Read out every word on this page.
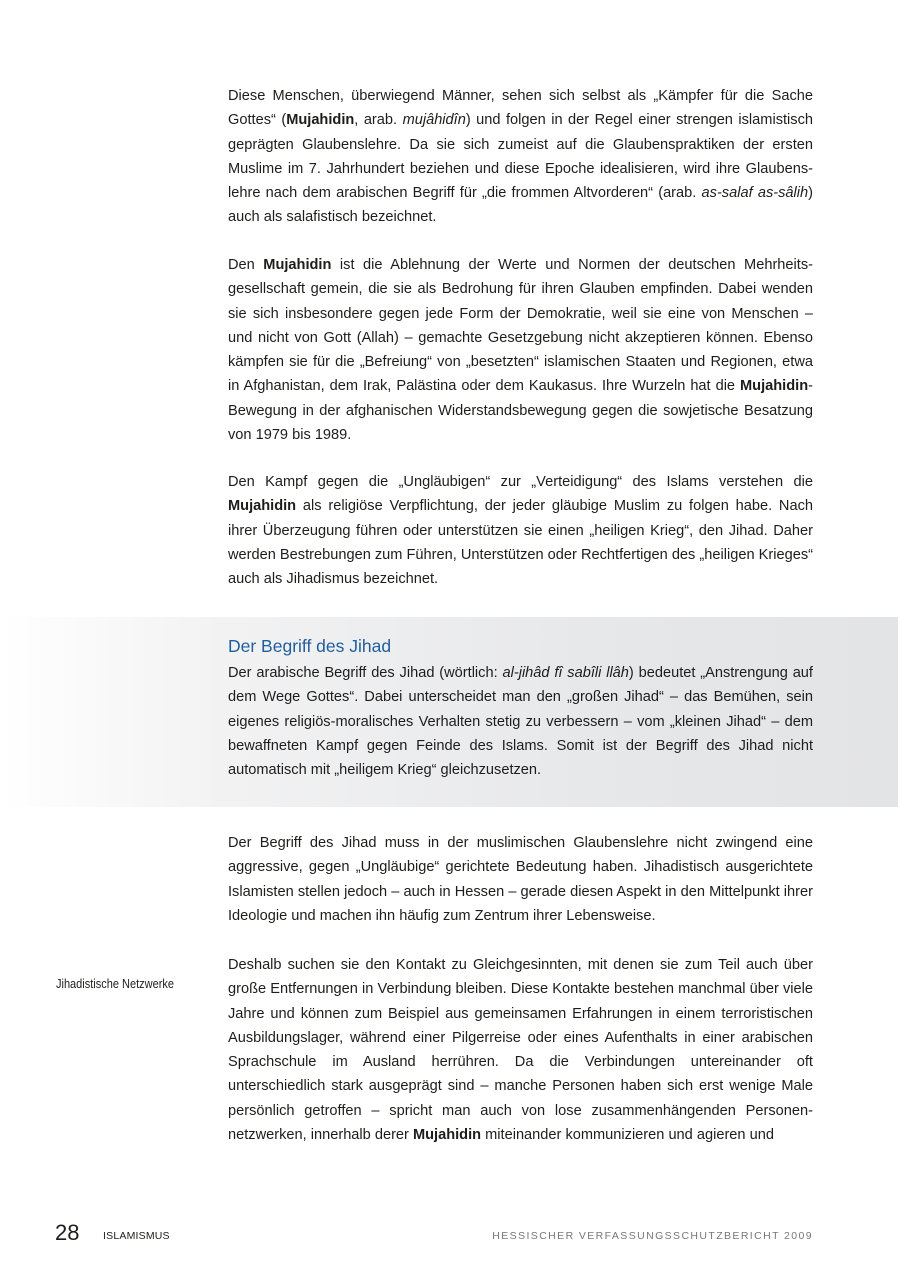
Diese Menschen, überwiegend Männer, sehen sich selbst als „Kämpfer für die Sache Gottes“ (Mujahidin, arab. mujâhidîn) und folgen in der Regel einer strengen islamistisch geprägten Glaubenslehre. Da sie sich zumeist auf die Glaubenspraktiken der ersten Muslime im 7. Jahrhundert beziehen und diese Epoche idealisieren, wird ihre Glaubenslehre nach dem arabischen Begriff für „die frommen Altvorderen“ (arab. as-salaf as-sâlih) auch als salafistisch bezeichnet.

Den Mujahidin ist die Ablehnung der Werte und Normen der deutschen Mehrheitsgesellschaft gemein, die sie als Bedrohung für ihren Glauben empfinden. Dabei wenden sie sich insbesondere gegen jede Form der Demokratie, weil sie eine von Menschen – und nicht von Gott (Allah) – gemachte Gesetzgebung nicht akzeptieren können. Ebenso kämpfen sie für die „Befreiung“ von „besetzten“ islamischen Staaten und Regionen, etwa in Afghanistan, dem Irak, Palästina oder dem Kaukasus. Ihre Wurzeln hat die Mujahidin-Bewegung in der afghanischen Widerstandsbewegung gegen die sowjetische Besatzung von 1979 bis 1989.

Den Kampf gegen die „Ungläubigen“ zur „Verteidigung“ des Islams verstehen die Mujahidin als religiöse Verpflichtung, der jeder gläubige Muslim zu folgen habe. Nach ihrer Überzeugung führen oder unterstützen sie einen „heiligen Krieg“, den Jihad. Daher werden Bestrebungen zum Führen, Unterstützen oder Rechtfertigen des „heiligen Krieges“ auch als Jihadismus bezeichnet.

Der Begriff des Jihad

Der arabische Begriff des Jihad (wörtlich: al-jihâd fî sabîli llâh) bedeutet „Anstrengung auf dem Wege Gottes“. Dabei unterscheidet man den „großen Jihad“ – das Bemühen, sein eigenes religiös-moralisches Verhalten stetig zu verbessern – vom „kleinen Jihad“ – dem bewaffneten Kampf gegen Feinde des Islams. Somit ist der Begriff des Jihad nicht automatisch mit „heiligem Krieg“ gleichzusetzen.

Der Begriff des Jihad muss in der muslimischen Glaubenslehre nicht zwingend eine aggressive, gegen „Ungläubige“ gerichtete Bedeutung haben. Jihadistisch ausgerichtete Islamisten stellen jedoch – auch in Hessen – gerade diesen Aspekt in den Mittelpunkt ihrer Ideologie und machen ihn häufig zum Zentrum ihrer Lebensweise.

Jihadistische Netzwerke

Deshalb suchen sie den Kontakt zu Gleichgesinnten, mit denen sie zum Teil auch über große Entfernungen in Verbindung bleiben. Diese Kontakte bestehen manchmal über viele Jahre und können zum Beispiel aus gemeinsamen Erfahrungen in einem terroristischen Ausbildungslager, während einer Pilgerreise oder eines Aufenthalts in einer arabischen Sprachschule im Ausland herrühren. Da die Verbindungen untereinander oft unterschiedlich stark ausgeprägt sind – manche Personen haben sich erst wenige Male persönlich getroffen – spricht man auch von lose zusammenhängenden Personennetzwerken, innerhalb derer Mujahidin miteinander kommunizieren und agieren und

28 ISLAMISMUS	HESSISCHER VERFASSUNGSSCHUTZBERICHT 2009
